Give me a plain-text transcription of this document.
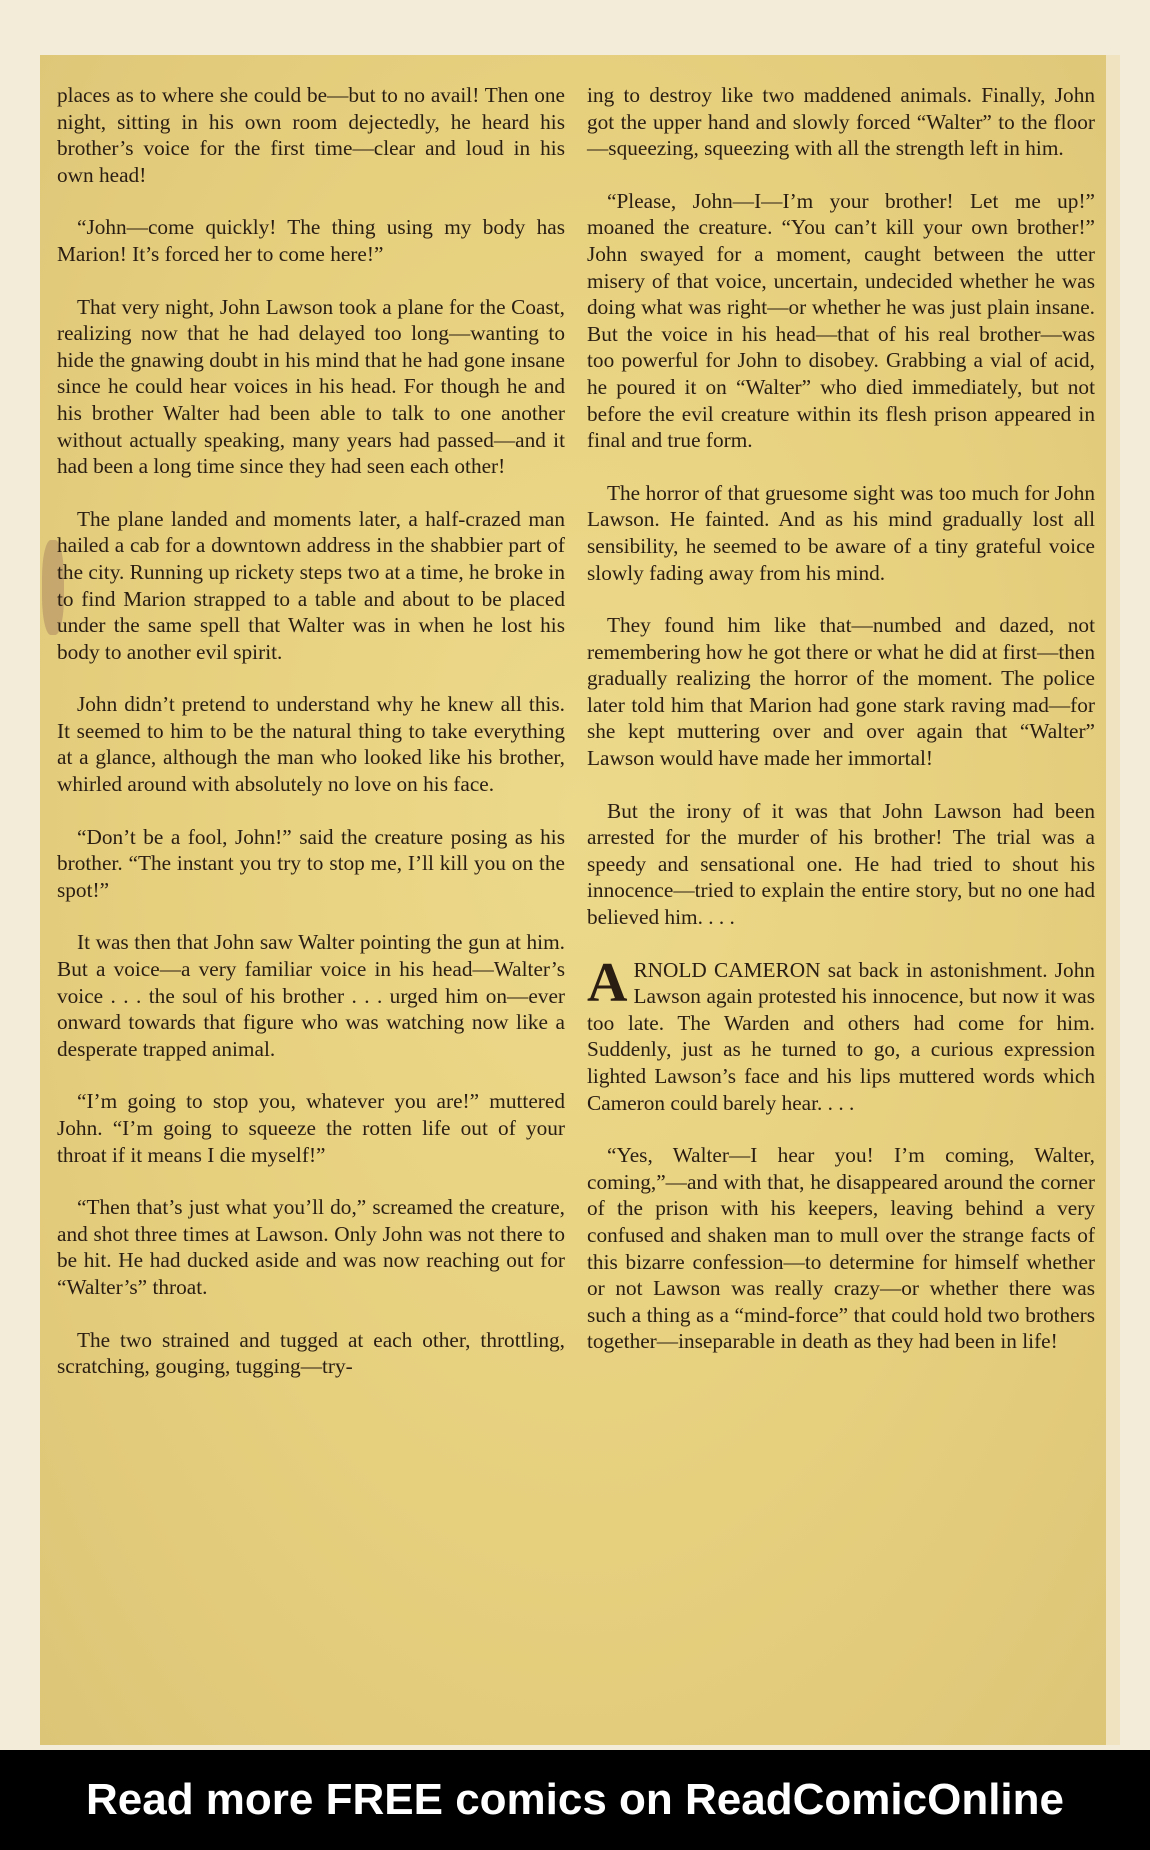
places as to where she could be—but to no avail! Then one night, sitting in his own room dejectedly, he heard his brother’s voice for the first time—clear and loud in his own head!

“John—come quickly! The thing using my body has Marion! It’s forced her to come here!”

That very night, John Lawson took a plane for the Coast, realizing now that he had delayed too long—wanting to hide the gnawing doubt in his mind that he had gone insane since he could hear voices in his head. For though he and his brother Walter had been able to talk to one another without actually speaking, many years had passed—and it had been a long time since they had seen each other!

The plane landed and moments later, a half-crazed man hailed a cab for a downtown address in the shabbier part of the city. Running up rickety steps two at a time, he broke in to find Marion strapped to a table and about to be placed under the same spell that Walter was in when he lost his body to another evil spirit.

John didn’t pretend to understand why he knew all this. It seemed to him to be the natural thing to take everything at a glance, although the man who looked like his brother, whirled around with absolutely no love on his face.

“Don’t be a fool, John!” said the creature posing as his brother. “The instant you try to stop me, I’ll kill you on the spot!”

It was then that John saw Walter pointing the gun at him. But a voice—a very familiar voice in his head—Walter’s voice . . . the soul of his brother . . . urged him on—ever onward towards that figure who was watching now like a desperate trapped animal.

“I’m going to stop you, whatever you are!” muttered John. “I’m going to squeeze the rotten life out of your throat if it means I die myself!”

“Then that’s just what you’ll do,” screamed the creature, and shot three times at Lawson. Only John was not there to be hit. He had ducked aside and was now reaching out for “Walter’s” throat.

The two strained and tugged at each other, throttling, scratching, gouging, tugging—try-

ing to destroy like two maddened animals. Finally, John got the upper hand and slowly forced “Walter” to the floor—squeezing, squeezing with all the strength left in him.

“Please, John—I—I’m your brother! Let me up!” moaned the creature. “You can’t kill your own brother!” John swayed for a moment, caught between the utter misery of that voice, uncertain, undecided whether he was doing what was right—or whether he was just plain insane. But the voice in his head—that of his real brother—was too powerful for John to disobey. Grabbing a vial of acid, he poured it on “Walter” who died immediately, but not before the evil creature within its flesh prison appeared in final and true form.

The horror of that gruesome sight was too much for John Lawson. He fainted. And as his mind gradually lost all sensibility, he seemed to be aware of a tiny grateful voice slowly fading away from his mind.

They found him like that—numbed and dazed, not remembering how he got there or what he did at first—then gradually realizing the horror of the moment. The police later told him that Marion had gone stark raving mad—for she kept muttering over and over again that “Walter” Lawson would have made her immortal!

But the irony of it was that John Lawson had been arrested for the murder of his brother! The trial was a speedy and sensational one. He had tried to shout his innocence—tried to explain the entire story, but no one had believed him. . . .

ARNOLD CAMERON sat back in astonishment. John Lawson again protested his innocence, but now it was too late. The Warden and others had come for him. Suddenly, just as he turned to go, a curious expression lighted Lawson’s face and his lips muttered words which Cameron could barely hear. . . .

“Yes, Walter—I hear you! I’m coming, Walter, coming,”—and with that, he disappeared around the corner of the prison with his keepers, leaving behind a very confused and shaken man to mull over the strange facts of this bizarre confession—to determine for himself whether or not Lawson was really crazy—or whether there was such a thing as a “mind-force” that could hold two brothers together—inseparable in death as they had been in life!

Read more FREE comics on ReadComicOnline
